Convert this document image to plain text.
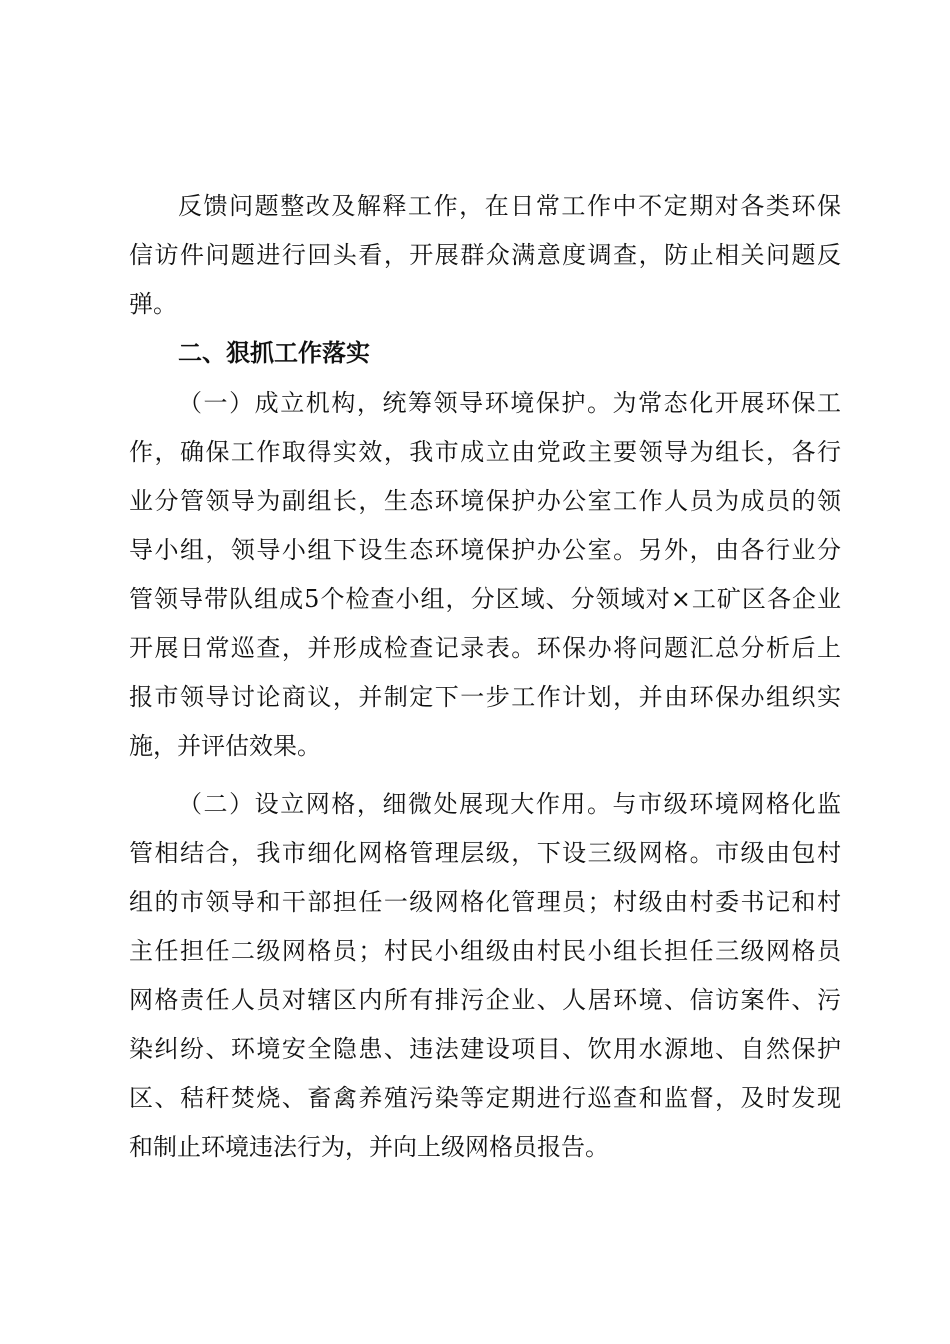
反馈问题整改及解释工作，在日常工作中不定期对各类环保
信访件问题进行回头看，开展群众满意度调查，防止相关问题反
弹。
二、狠抓工作落实
（一）成立机构，统筹领导环境保护。为常态化开展环保工
作，确保工作取得实效，我市成立由党政主要领导为组长，各行
业分管领导为副组长，生态环境保护办公室工作人员为成员的领
导小组，领导小组下设生态环境保护办公室。另外，由各行业分
管领导带队组成5个检查小组，分区域、分领域对×工矿区各企业
开展日常巡查，并形成检查记录表。环保办将问题汇总分析后上
报市领导讨论商议，并制定下一步工作计划，并由环保办组织实
施，并评估效果。
（二）设立网格，细微处展现大作用。与市级环境网格化监
管相结合，我市细化网格管理层级，下设三级网格。市级由包村
组的市领导和干部担任一级网格化管理员；村级由村委书记和村
主任担任二级网格员；村民小组级由村民小组长担任三级网格员
网格责任人员对辖区内所有排污企业、人居环境、信访案件、污
染纠纷、环境安全隐患、违法建设项目、饮用水源地、自然保护
区、秸秆焚烧、畜禽养殖污染等定期进行巡查和监督，及时发现
和制止环境违法行为，并向上级网格员报告。
